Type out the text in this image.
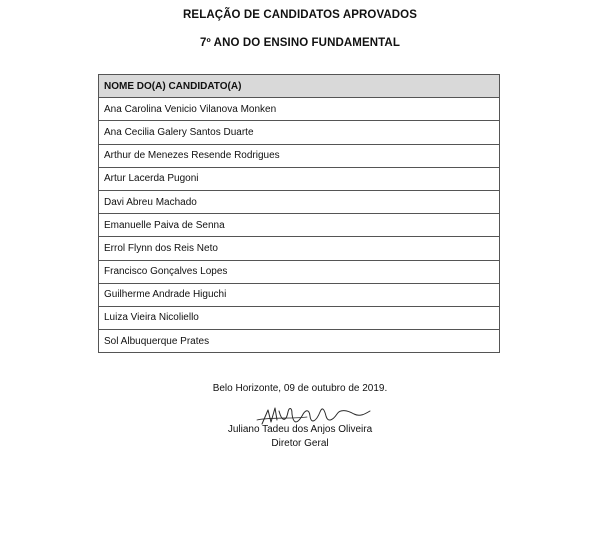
RELAÇÃO DE CANDIDATOS APROVADOS
7º ANO DO ENSINO FUNDAMENTAL
NOME DO(A) CANDIDATO(A)
Ana Carolina Venicio Vilanova Monken
Ana Cecilia Galery Santos Duarte
Arthur de Menezes Resende Rodrigues
Artur Lacerda Pugoni
Davi Abreu Machado
Emanuelle Paiva de Senna
Errol Flynn dos Reis Neto
Francisco Gonçalves Lopes
Guilherme Andrade Higuchi
Luiza Vieira Nicoliello
Sol Albuquerque Prates
Belo Horizonte, 09 de outubro de 2019.
Juliano Tadeu dos Anjos Oliveira
Diretor Geral
